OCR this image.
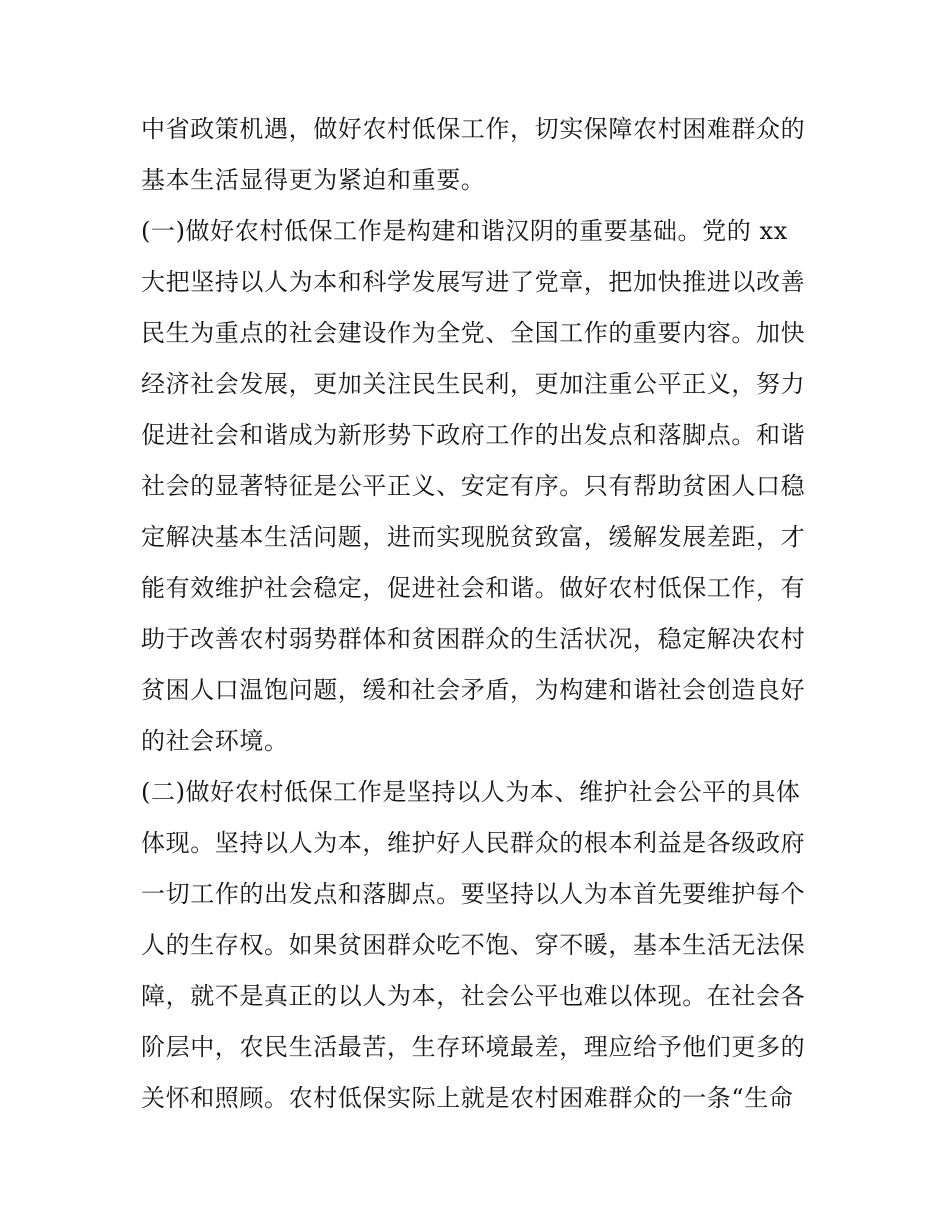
中省政策机遇，做好农村低保工作，切实保障农村困难群众的
基本生活显得更为紧迫和重要。
(一)做好农村低保工作是构建和谐汉阴的重要基础。党的 xx
大把坚持以人为本和科学发展写进了党章，把加快推进以改善
民生为重点的社会建设作为全党、全国工作的重要内容。加快
经济社会发展，更加关注民生民利，更加注重公平正义，努力
促进社会和谐成为新形势下政府工作的出发点和落脚点。和谐
社会的显著特征是公平正义、安定有序。只有帮助贫困人口稳
定解决基本生活问题，进而实现脱贫致富，缓解发展差距，才
能有效维护社会稳定，促进社会和谐。做好农村低保工作，有
助于改善农村弱势群体和贫困群众的生活状况，稳定解决农村
贫困人口温饱问题，缓和社会矛盾，为构建和谐社会创造良好
的社会环境。
(二)做好农村低保工作是坚持以人为本、维护社会公平的具体
体现。坚持以人为本，维护好人民群众的根本利益是各级政府
一切工作的出发点和落脚点。要坚持以人为本首先要维护每个
人的生存权。如果贫困群众吃不饱、穿不暖，基本生活无法保
障，就不是真正的以人为本，社会公平也难以体现。在社会各
阶层中，农民生活最苦，生存环境最差，理应给予他们更多的
关怀和照顾。农村低保实际上就是农村困难群众的一条“生命
